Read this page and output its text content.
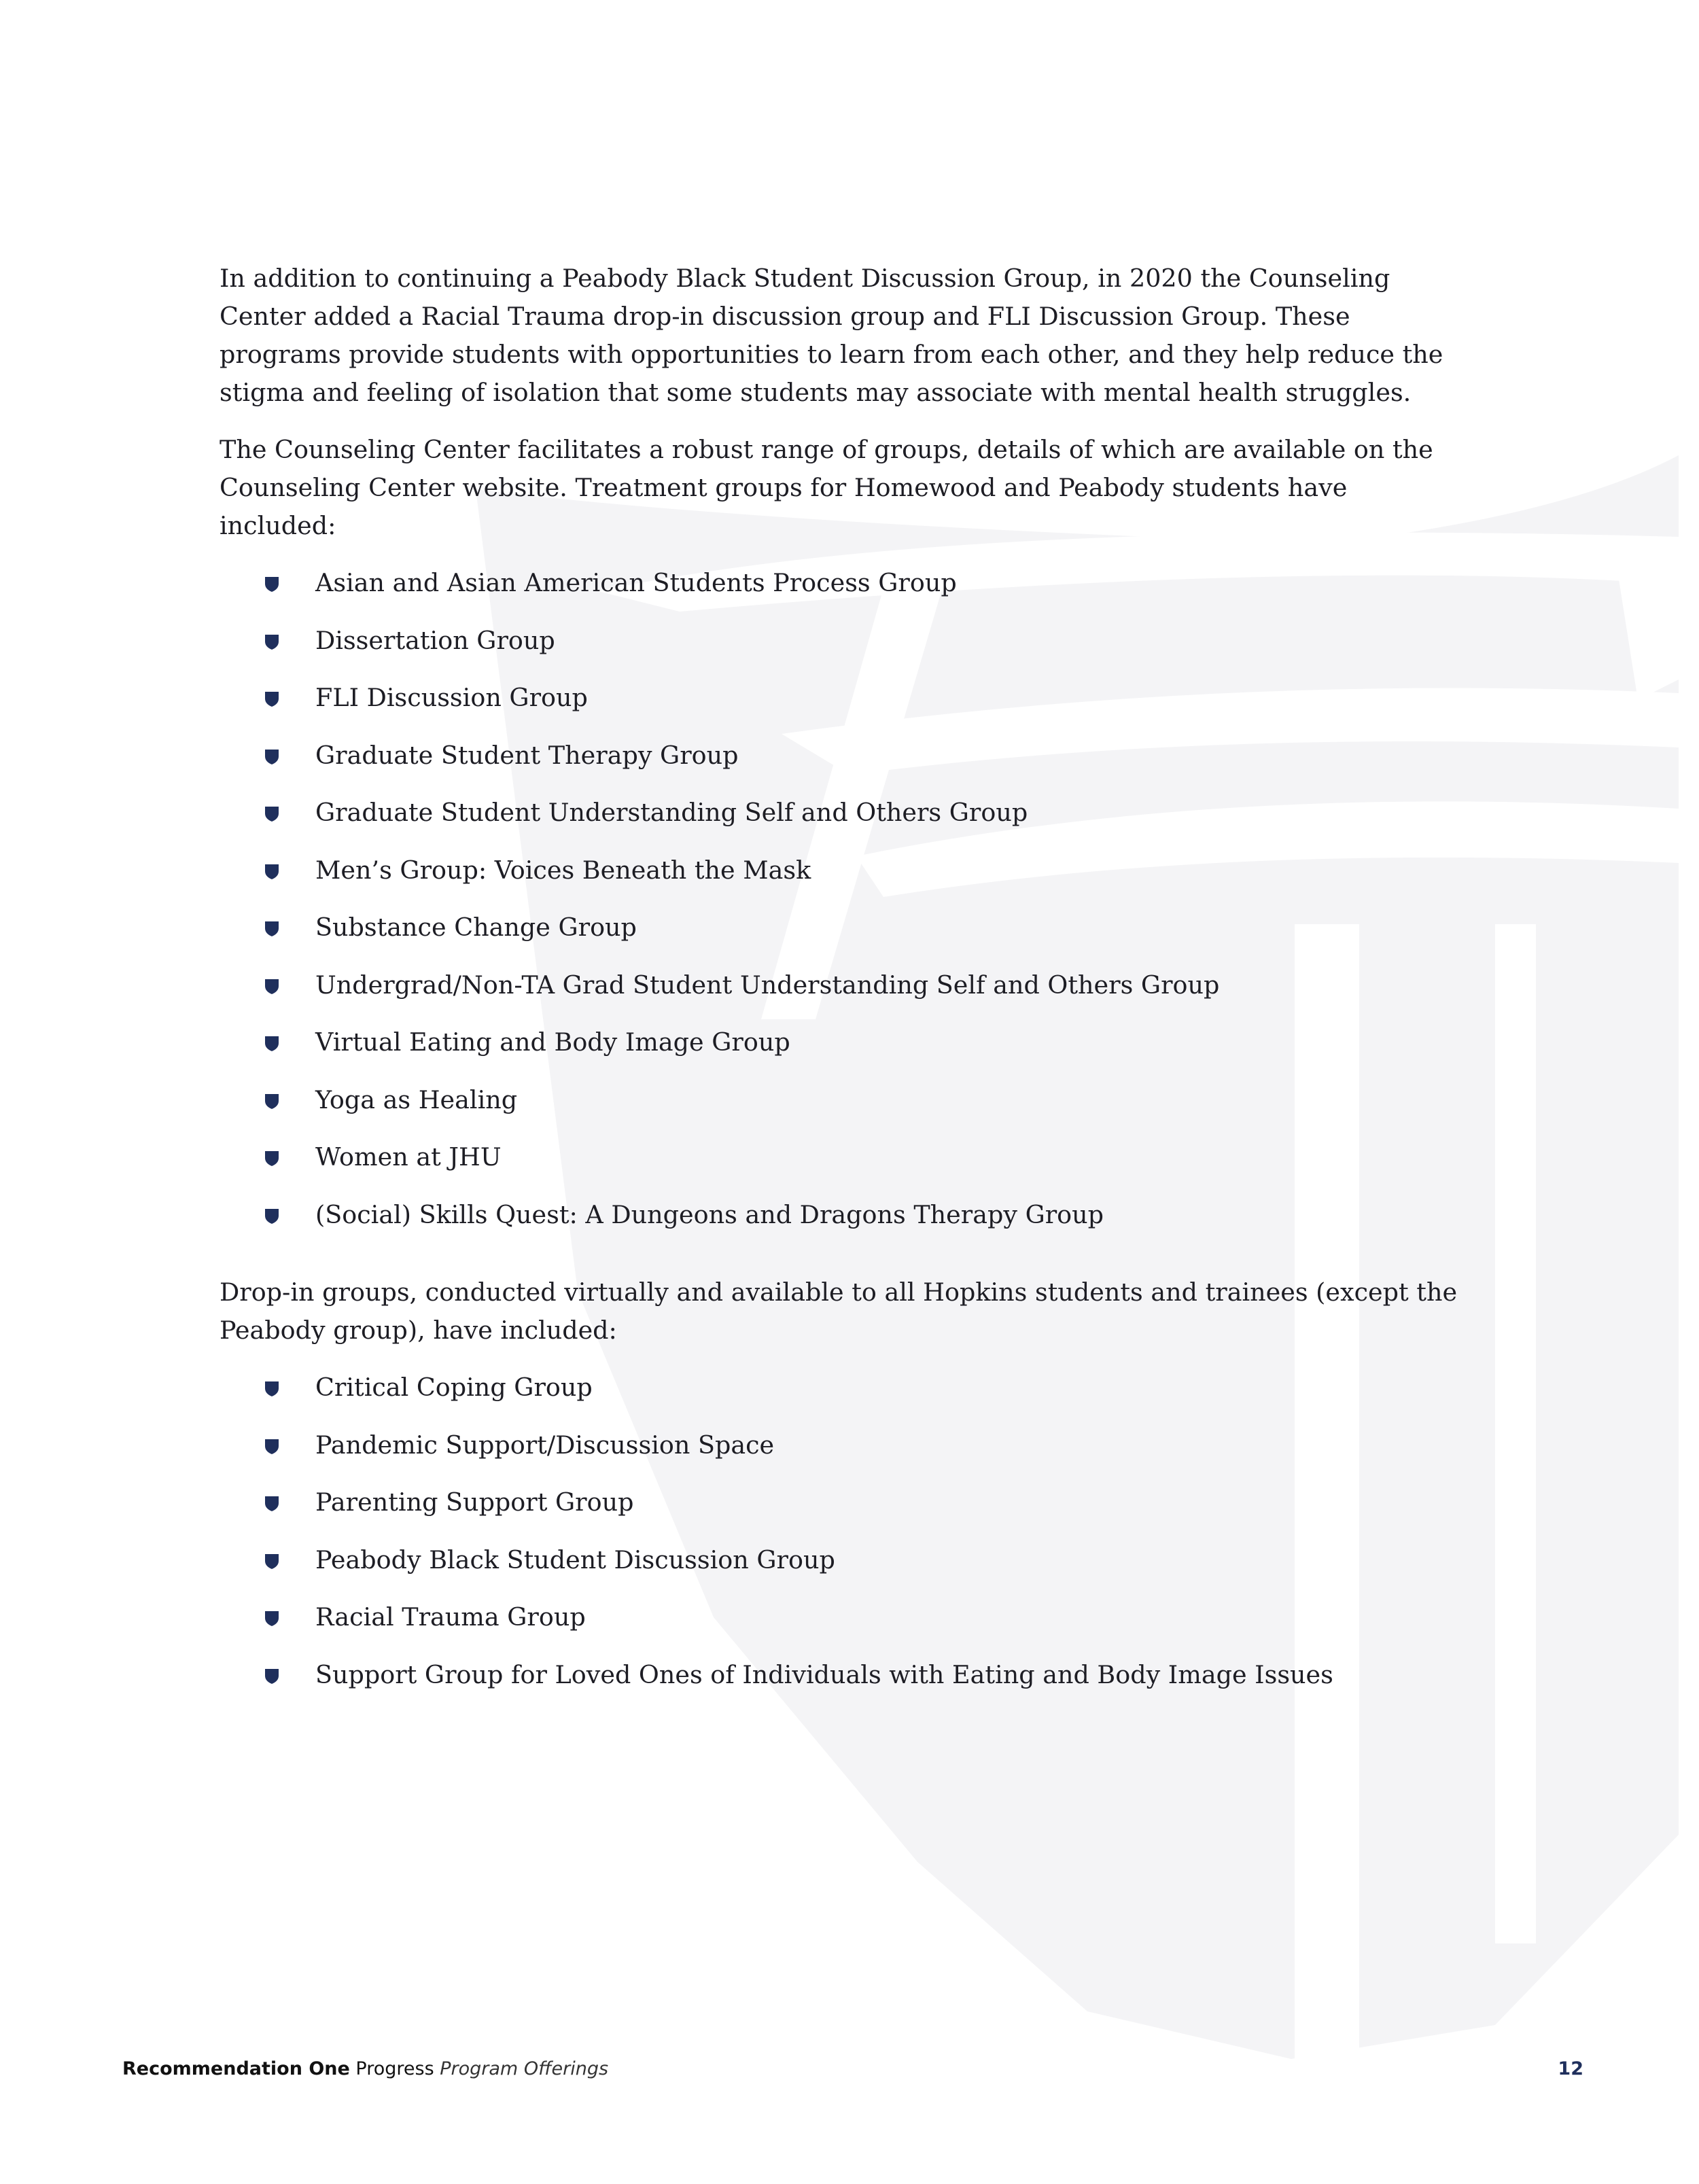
In addition to continuing a Peabody Black Student Discussion Group, in 2020 the Counseling Center added a Racial Trauma drop-in discussion group and FLI Discussion Group. These programs provide students with opportunities to learn from each other, and they help reduce the stigma and feeling of isolation that some students may associate with mental health struggles.

The Counseling Center facilitates a robust range of groups, details of which are available on the Counseling Center website. Treatment groups for Homewood and Peabody students have included:

Asian and Asian American Students Process Group
Dissertation Group
FLI Discussion Group
Graduate Student Therapy Group
Graduate Student Understanding Self and Others Group
Men’s Group: Voices Beneath the Mask
Substance Change Group
Undergrad/Non-TA Grad Student Understanding Self and Others Group
Virtual Eating and Body Image Group
Yoga as Healing
Women at JHU
(Social) Skills Quest: A Dungeons and Dragons Therapy Group

Drop-in groups, conducted virtually and available to all Hopkins students and trainees (except the Peabody group), have included:

Critical Coping Group
Pandemic Support/Discussion Space
Parenting Support Group
Peabody Black Student Discussion Group
Racial Trauma Group
Support Group for Loved Ones of Individuals with Eating and Body Image Issues
Recommendation One Progress Program Offerings	12
